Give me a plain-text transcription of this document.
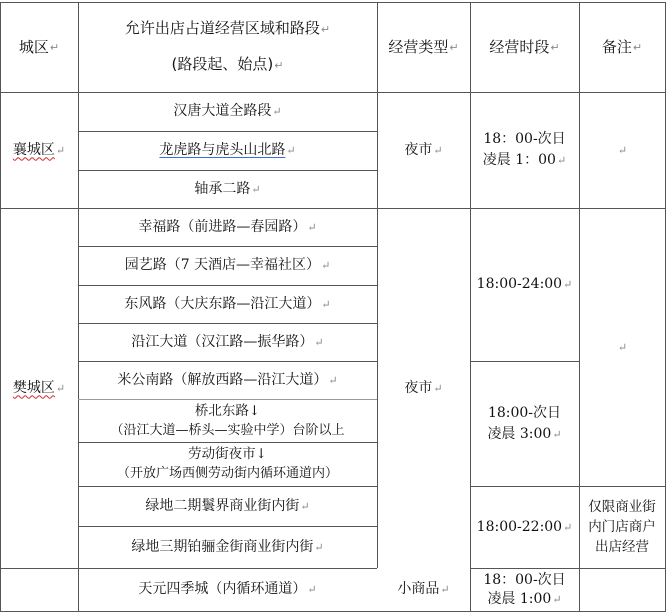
城区 ↵
允许出店占道经营区域和路段↵
(路段起、始点)↵
经营类型 ↵ 经营时段 ↵	备注 ↵
襄城区 ↵
汉唐大道全路段 ↵
龙虎路与虎头山北路 ↵
轴承二路 ↵
夜市 ↵
18：00-次日
凌晨 1：00↵
↵
樊城区 ↵
幸福路（前进路—春园路） ↵
园艺路（7 天酒店—幸福社区） ↵
东风路（大庆东路—沿江大道） ↵
沿江大道（汉江路—振华路） ↵
米公南路（解放西路—沿江大道） ↵
桥北东路↓
（沿江大道—桥头—实验中学）台阶以上
劳动街夜市↓
（开放广场西侧劳动街内循环通道内）
绿地二期鬟界商业街内街 ↵
绿地三期铂骊金街商业街内街 ↵
夜市 ↵
18:00-24:00 ↵
18:00-次日
凌晨 3:00↵
18:00-22:00 ↵
↵
仅限商业街内门店商户出店经营
天元四季城（内循环通道） ↵	小商品 ↵
18：00-次日
凌晨 1:00↵
